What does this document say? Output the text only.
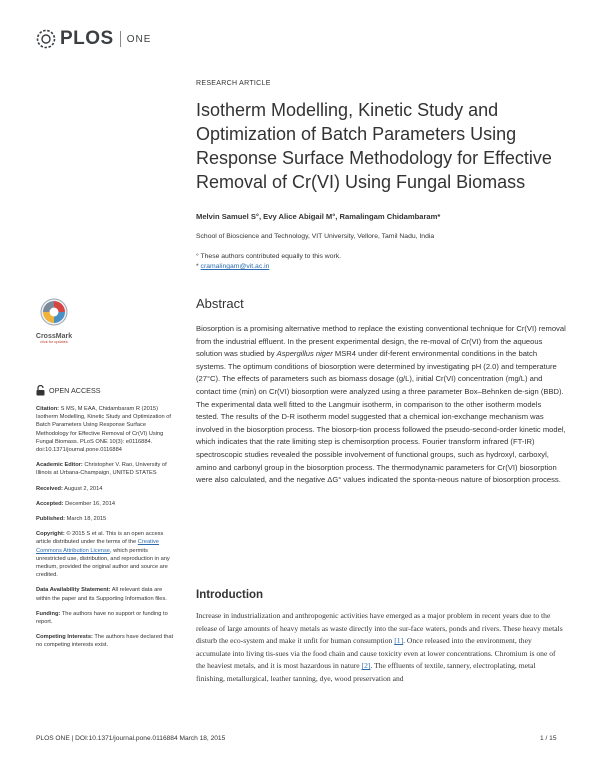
PLOS ONE
RESEARCH ARTICLE
Isotherm Modelling, Kinetic Study and Optimization of Batch Parameters Using Response Surface Methodology for Effective Removal of Cr(VI) Using Fungal Biomass
Melvin Samuel S°, Evy Alice Abigail M°, Ramalingam Chidambaram*
School of Bioscience and Technology, VIT University, Vellore, Tamil Nadu, India
° These authors contributed equally to this work.
* cramalingam@vit.ac.in
CrossMark
click for updates
OPEN ACCESS
Citation: S MS, M EAA, Chidambaram R (2015) Isotherm Modelling, Kinetic Study and Optimization of Batch Parameters Using Response Surface Methodology for Effective Removal of Cr(VI) Using Fungal Biomass. PLoS ONE 10(3): e0116884. doi:10.1371/journal.pone.0116884
Academic Editor: Christopher V. Rao, University of Illinois at Urbana-Champaign, UNITED STATES
Received: August 2, 2014
Accepted: December 16, 2014
Published: March 18, 2015
Copyright: © 2015 S et al. This is an open access article distributed under the terms of the Creative Commons Attribution License, which permits unrestricted use, distribution, and reproduction in any medium, provided the original author and source are credited.
Data Availability Statement: All relevant data are within the paper and its Supporting Information files.
Funding: The authors have no support or funding to report.
Competing Interests: The authors have declared that no competing interests exist.
Abstract
Biosorption is a promising alternative method to replace the existing conventional technique for Cr(VI) removal from the industrial effluent. In the present experimental design, the re-moval of Cr(VI) from the aqueous solution was studied by Aspergillus niger MSR4 under dif-ferent environmental conditions in the batch systems. The optimum conditions of biosorption were determined by investigating pH (2.0) and temperature (27°C). The effects of parameters such as biomass dosage (g/L), initial Cr(VI) concentration (mg/L) and contact time (min) on Cr(VI) biosorption were analyzed using a three parameter Box–Behnken de-sign (BBD). The experimental data well fitted to the Langmuir isotherm, in comparison to the other isotherm models tested. The results of the D-R isotherm model suggested that a chemical ion-exchange mechanism was involved in the biosorption process. The biosorp-tion process followed the pseudo-second-order kinetic model, which indicates that the rate limiting step is chemisorption process. Fourier transform infrared (FT-IR) spectroscopic studies revealed the possible involvement of functional groups, such as hydroxyl, carboxyl, amino and carbonyl group in the biosorption process. The thermodynamic parameters for Cr(VI) biosorption were also calculated, and the negative ΔG° values indicated the sponta-neous nature of biosorption process.
Introduction
Increase in industrialization and anthropogenic activities have emerged as a major problem in recent years due to the release of large amounts of heavy metals as waste directly into the sur-face waters, ponds and rivers. These heavy metals disturb the eco-system and make it unfit for human consumption [1]. Once released into the environment, they accumulate into living tis-sues via the food chain and cause toxicity even at lower concentrations. Chromium is one of the heaviest metals, and it is most hazardous in nature [2]. The effluents of textile, tannery, electroplating, metal finishing, metallurgical, leather tanning, dye, wood preservation and
PLOS ONE | DOI:10.1371/journal.pone.0116884 March 18, 2015	1 / 15
